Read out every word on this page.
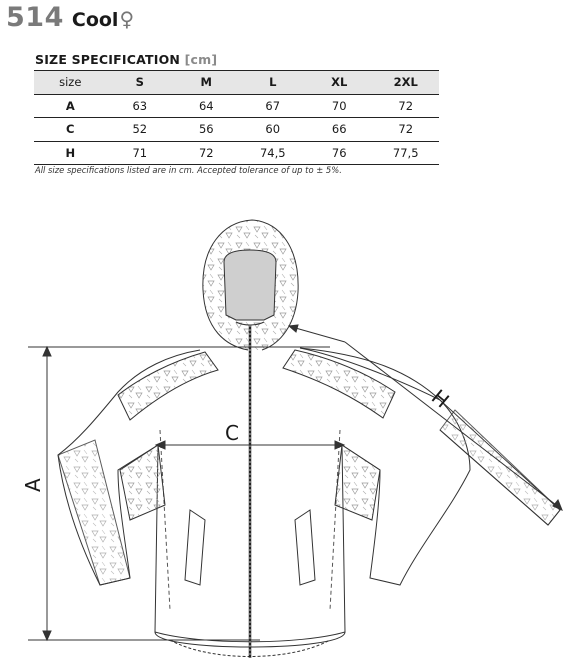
514 Cool ♀
SIZE SPECIFICATION [cm]
size	S	M	L	XL	2XL
A	63	64	67	70	72
C	52	56	60	66	72
H	71	72	74,5	76	77,5
All size specifications listed are in cm. Accepted tolerance of up to ± 5%.
A
C
H
